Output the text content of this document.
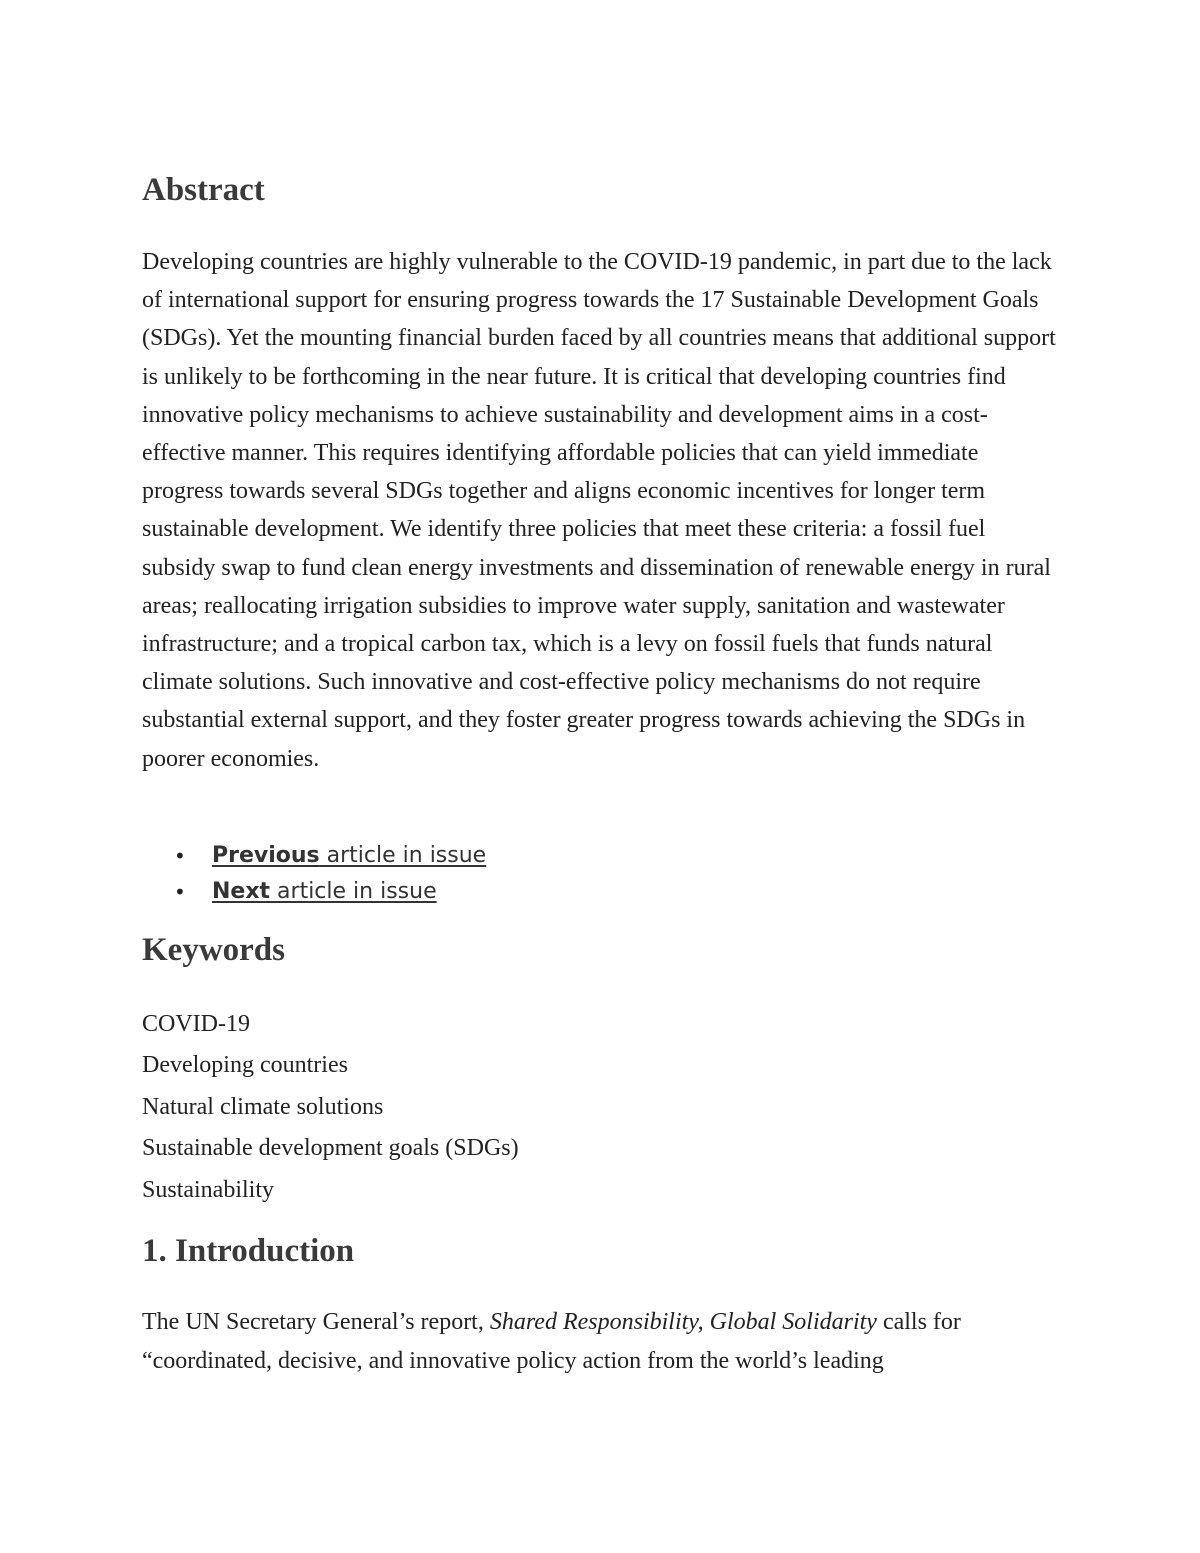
Abstract

Developing countries are highly vulnerable to the COVID-19 pandemic, in part due to the lack of international support for ensuring progress towards the 17 Sustainable Development Goals (SDGs). Yet the mounting financial burden faced by all countries means that additional support is unlikely to be forthcoming in the near future. It is critical that developing countries find innovative policy mechanisms to achieve sustainability and development aims in a cost-effective manner. This requires identifying affordable policies that can yield immediate progress towards several SDGs together and aligns economic incentives for longer term sustainable development. We identify three policies that meet these criteria: a fossil fuel subsidy swap to fund clean energy investments and dissemination of renewable energy in rural areas; reallocating irrigation subsidies to improve water supply, sanitation and wastewater infrastructure; and a tropical carbon tax, which is a levy on fossil fuels that funds natural climate solutions. Such innovative and cost-effective policy mechanisms do not require substantial external support, and they foster greater progress towards achieving the SDGs in poorer economies.

• Previous article in issue
• Next article in issue
Keywords
COVID-19
Developing countries
Natural climate solutions
Sustainable development goals (SDGs)
Sustainability
1. Introduction

The UN Secretary General’s report, Shared Responsibility, Global Solidarity calls for “coordinated, decisive, and innovative policy action from the world’s leading
